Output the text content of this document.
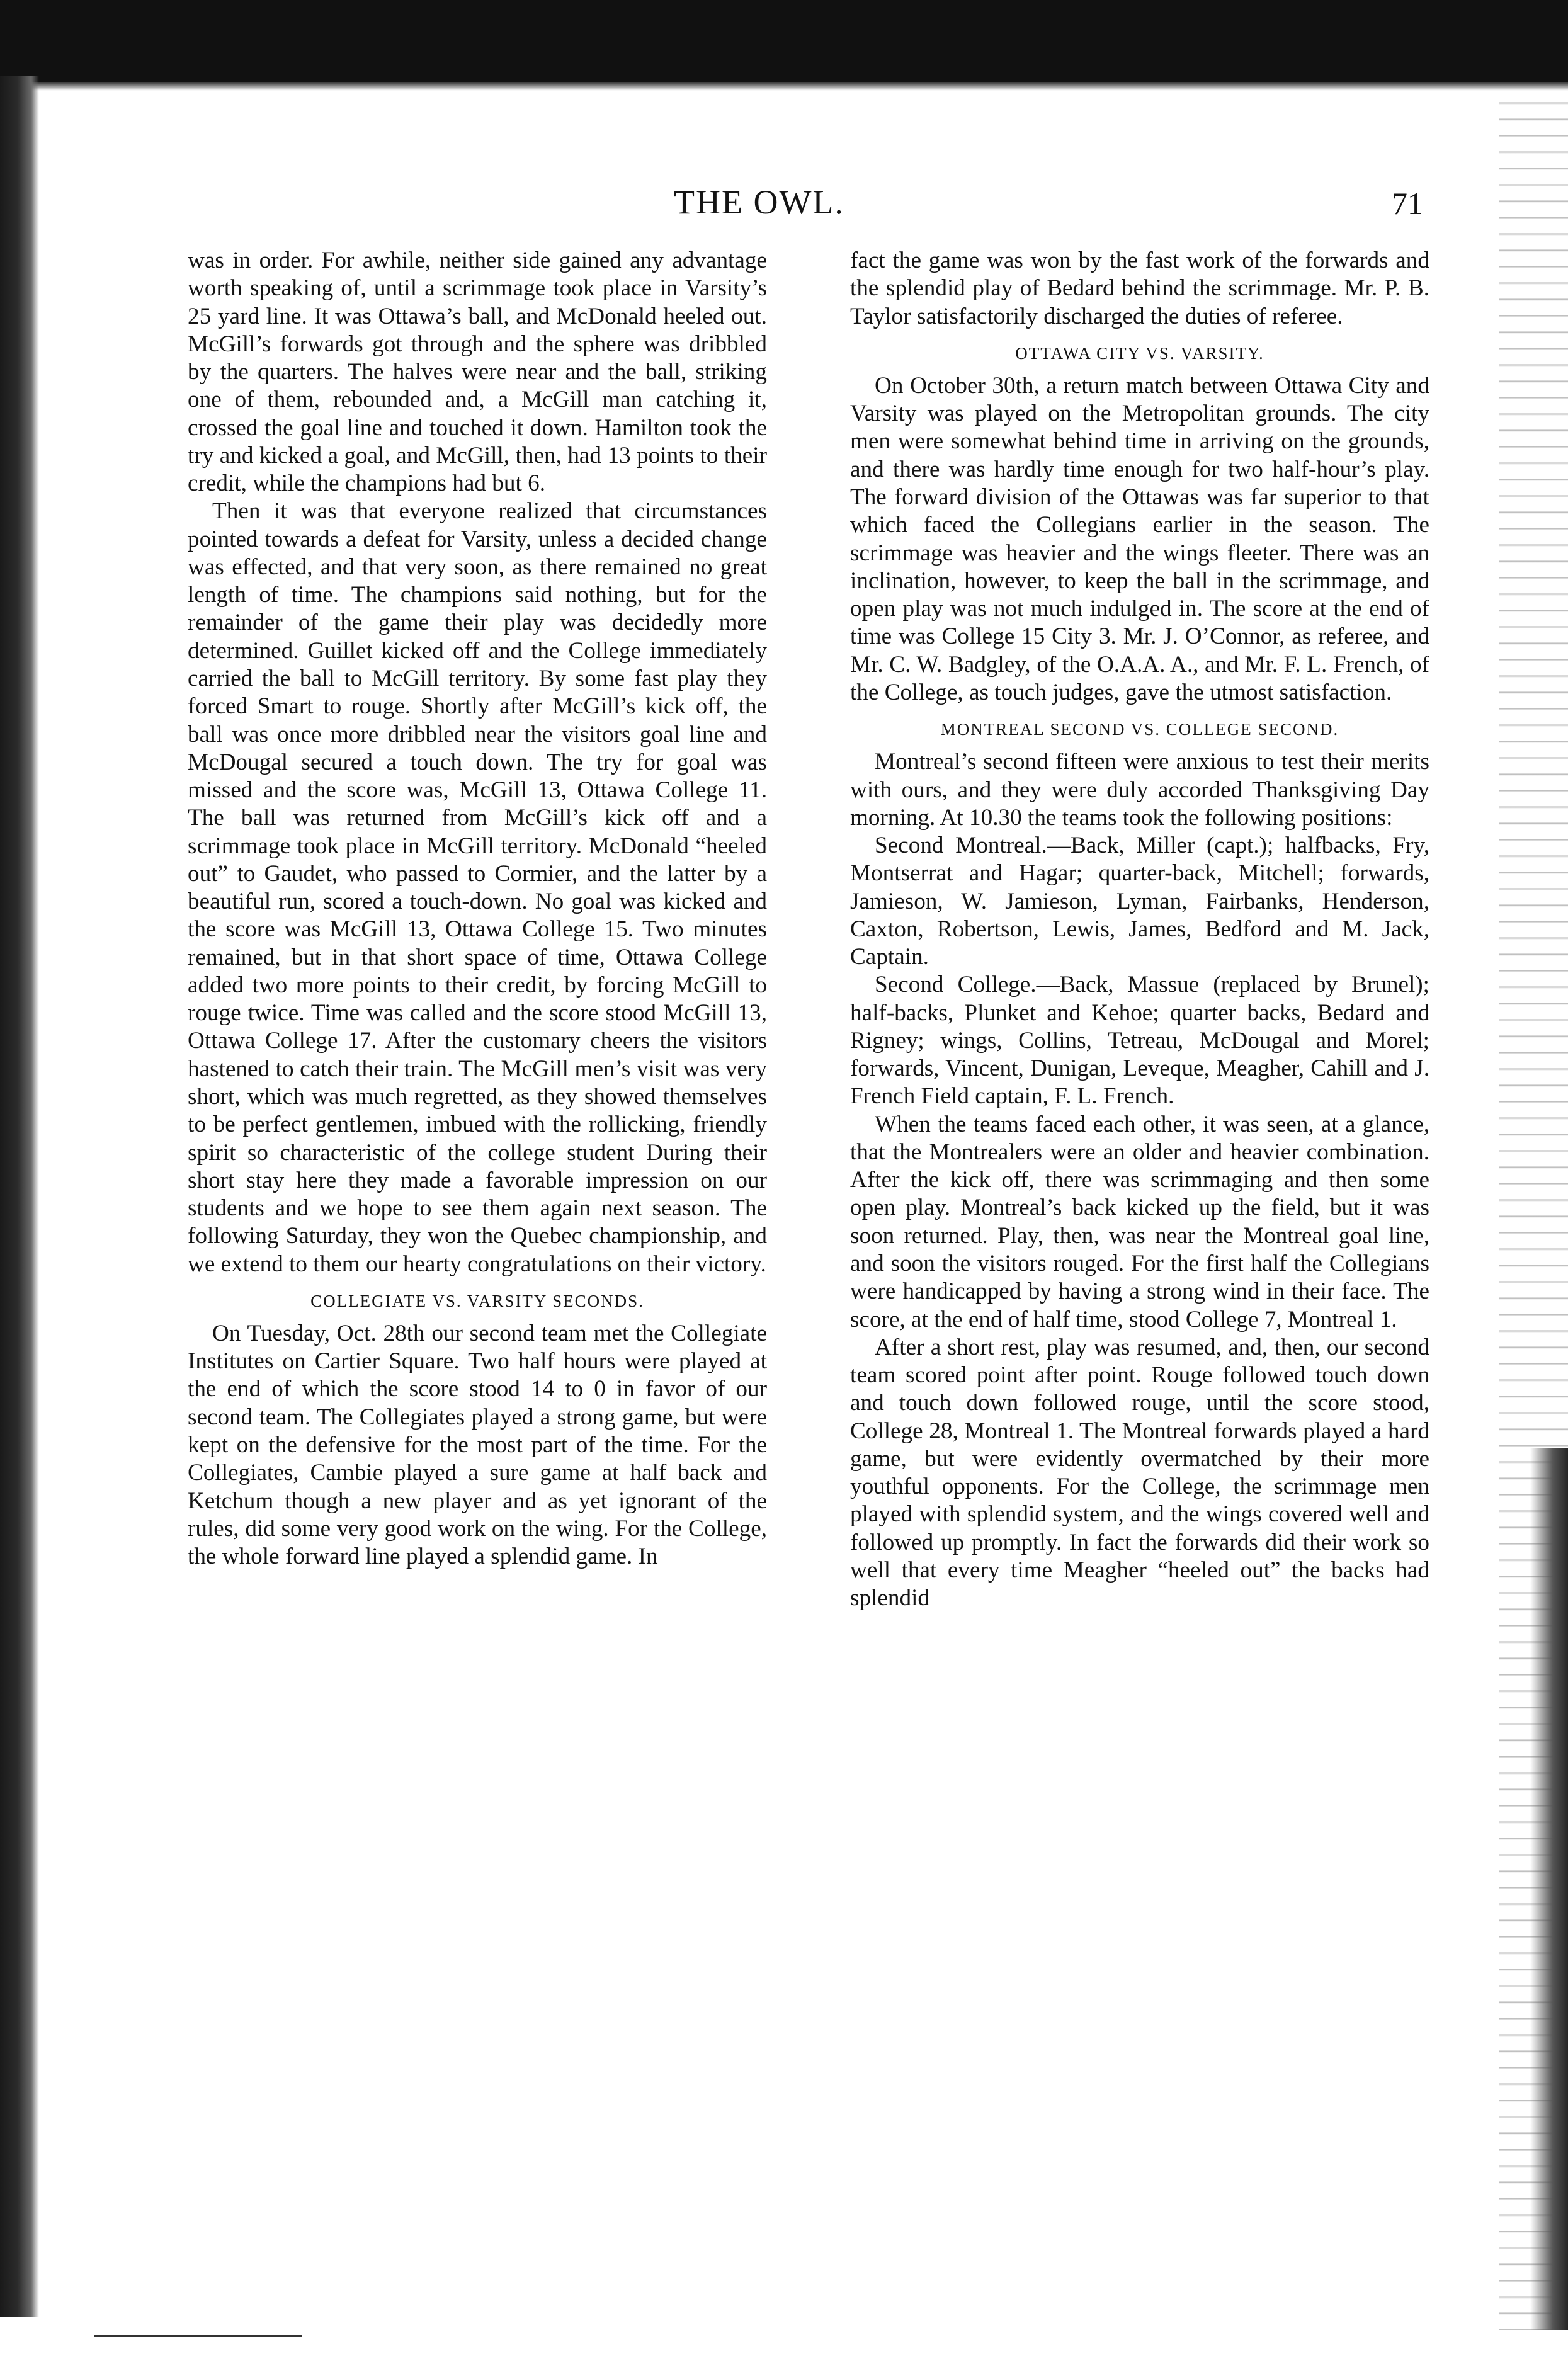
THE OWL.	71

was in order. For awhile, neither side gained any advantage worth speaking of, until a scrimmage took place in Varsity’s 25 yard line. It was Ottawa’s ball, and McDonald heeled out. McGill’s forwards got through and the sphere was dribbled by the quarters. The halves were near and the ball, striking one of them, rebounded and, a McGill man catching it, crossed the goal line and touched it down. Hamilton took the try and kicked a goal, and McGill, then, had 13 points to their credit, while the champions had but 6.

Then it was that everyone realized that circumstances pointed towards a defeat for Varsity, unless a decided change was effected, and that very soon, as there remained no great length of time. The champions said nothing, but for the remainder of the game their play was decidedly more determined. Guillet kicked off and the College immediately carried the ball to McGill territory. By some fast play they forced Smart to rouge. Shortly after McGill’s kick off, the ball was once more dribbled near the visitors goal line and McDougal secured a touch down. The try for goal was missed and the score was, McGill 13, Ottawa College 11. The ball was returned from McGill’s kick off and a scrimmage took place in McGill territory. McDonald “heeled out” to Gaudet, who passed to Cormier, and the latter by a beautiful run, scored a touch-down. No goal was kicked and the score was McGill 13, Ottawa College 15. Two minutes remained, but in that short space of time, Ottawa College added two more points to their credit, by forcing McGill to rouge twice. Time was called and the score stood McGill 13, Ottawa College 17. After the customary cheers the visitors hastened to catch their train. The McGill men’s visit was very short, which was much regretted, as they showed themselves to be perfect gentlemen, imbued with the rollicking, friendly spirit so characteristic of the college student During their short stay here they made a favorable impression on our students and we hope to see them again next season. The following Saturday, they won the Quebec championship, and we extend to them our hearty congratulations on their victory.

COLLEGIATE VS. VARSITY SECONDS.

On Tuesday, Oct. 28th our second team met the Collegiate Institutes on Cartier Square. Two half hours were played at the end of which the score stood 14 to 0 in favor of our second team. The Collegiates played a strong game, but were kept on the defensive for the most part of the time. For the Collegiates, Cambie played a sure game at half back and Ketchum though a new player and as yet ignorant of the rules, did some very good work on the wing. For the College, the whole forward line played a splendid game. In

fact the game was won by the fast work of the forwards and the splendid play of Bedard behind the scrimmage. Mr. P. B. Taylor satisfactorily discharged the duties of referee.

OTTAWA CITY VS. VARSITY.

On October 30th, a return match between Ottawa City and Varsity was played on the Metropolitan grounds. The city men were somewhat behind time in arriving on the grounds, and there was hardly time enough for two half-hour’s play. The forward division of the Ottawas was far superior to that which faced the Collegians earlier in the season. The scrimmage was heavier and the wings fleeter. There was an inclination, however, to keep the ball in the scrimmage, and open play was not much indulged in. The score at the end of time was College 15 City 3. Mr. J. O’Connor, as referee, and Mr. C. W. Badgley, of the O.A.A. A., and Mr. F. L. French, of the College, as touch judges, gave the utmost satisfaction.

MONTREAL SECOND VS. COLLEGE SECOND.

Montreal’s second fifteen were anxious to test their merits with ours, and they were duly accorded Thanksgiving Day morning. At 10.30 the teams took the following positions:

Second Montreal.—Back, Miller (capt.); halfbacks, Fry, Montserrat and Hagar; quarter-back, Mitchell; forwards, Jamieson, W. Jamieson, Lyman, Fairbanks, Henderson, Caxton, Robertson, Lewis, James, Bedford and M. Jack, Captain.

Second College.—Back, Massue (replaced by Brunel); half-backs, Plunket and Kehoe; quarter backs, Bedard and Rigney; wings, Collins, Tetreau, McDougal and Morel; forwards, Vincent, Dunigan, Leveque, Meagher, Cahill and J. French Field captain, F. L. French.

When the teams faced each other, it was seen, at a glance, that the Montrealers were an older and heavier combination. After the kick off, there was scrimmaging and then some open play. Montreal’s back kicked up the field, but it was soon returned. Play, then, was near the Montreal goal line, and soon the visitors rouged. For the first half the Collegians were handicapped by having a strong wind in their face. The score, at the end of half time, stood College 7, Montreal 1.

After a short rest, play was resumed, and, then, our second team scored point after point. Rouge followed touch down and touch down followed rouge, until the score stood, College 28, Montreal 1. The Montreal forwards played a hard game, but were evidently overmatched by their more youthful opponents. For the College, the scrimmage men played with splendid system, and the wings covered well and followed up promptly. In fact the forwards did their work so well that every time Meagher “heeled out” the backs had splendid
